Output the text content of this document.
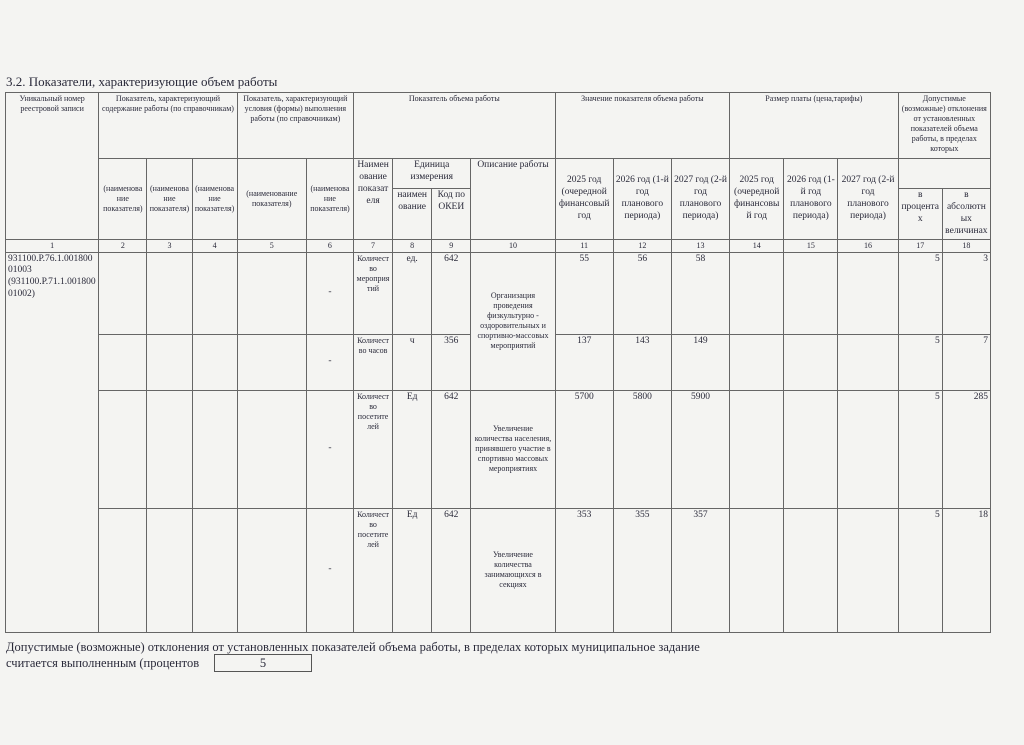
3.2. Показатели, характеризующие объем работы
Уникальный номер реестровой записи	Показатель, характеризующий содержание работы (по справочникам)			Показатель, характеризующий условия (формы) выполнения работы (по справочникам)		Показатель объема работы				Значение показателя объема работы			Размер платы (цена,тарифы)			Допустимые (возможные) отклонения от установленных показателей объема работы, в пределах которых	
	(наименование показателя)	(наименование показателя)	(наименование показателя)	(наименование показателя)	(наименование показателя)	Наименование показателя	Единица измерения		Описание работы	2025 год (очередной финансовый год	2026 год (1-й год планового периода)	2027 год (2-й год планового периода)	2025 год (очередной финансовый год	2026 год (1-й год планового периода)	2027 год (2-й год планового периода)		
							наименование	Код по ОКЕИ								в процентах	в абсолютных величинах
1	2	3	4	5	6	7	8	9	10	11	12	13	14	15	16	17	18
931100.Р.76.1.00180001003 (931100.Р.71.1.00180001002)					-	Количество мероприятий	ед.	642	Организация проведения физкультурно - оздоровительных и спортивно-массовых мероприятий	55	56	58				5	3
					-	Количество часов	ч	356		137	143	149				5	7
					-	Количество посетителей	Ед	642	Увеличение количества населения, принявшего участие в спортивно массовых мероприятиях	5700	5800	5900				5	285
					-	Количество посетителей	Ед	642	Увеличение количества занимающихся в секциях	353	355	357				5	18
Допустимые (возможные) отклонения от установленных показателей объема работы, в пределах которых муниципальное задание
считается выполненным (процентов	5
